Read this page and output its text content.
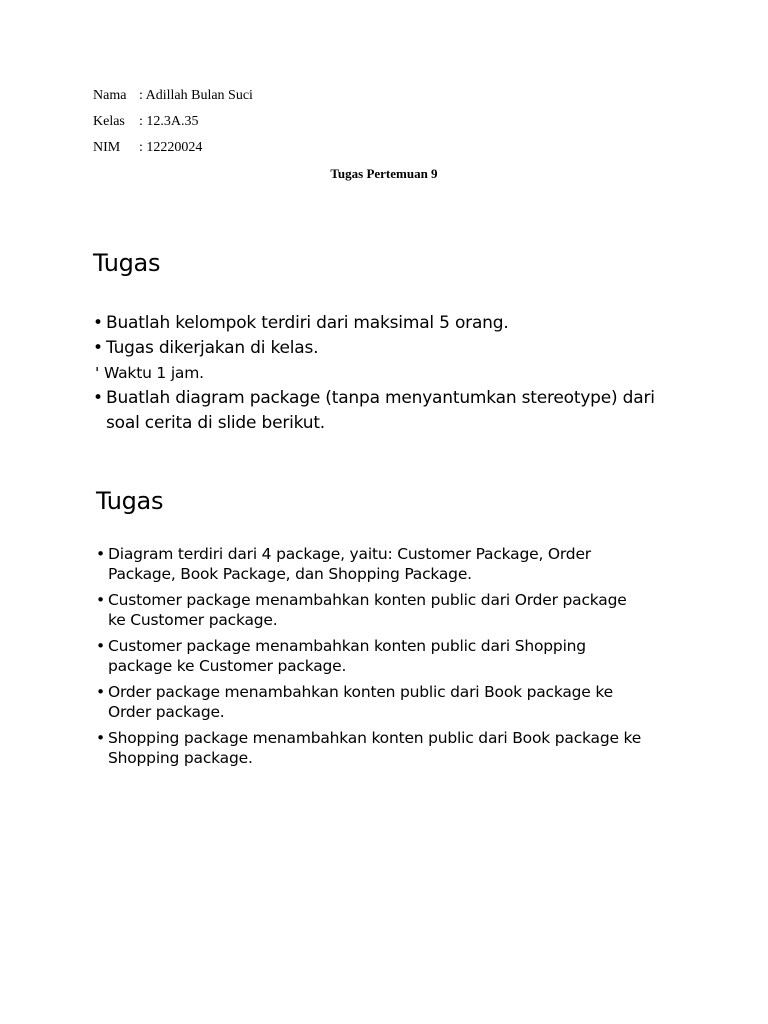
Nama : Adillah Bulan Suci
Kelas : 12.3A.35
NIM : 12220024
Tugas Pertemuan 9
Tugas
• Buatlah kelompok terdiri dari maksimal 5 orang.
• Tugas dikerjakan di kelas.
' Waktu 1 jam.
• Buatlah diagram package (tanpa menyantumkan stereotype) dari
soal cerita di slide berikut.
Tugas
• Diagram terdiri dari 4 package, yaitu: Customer Package, Order
Package, Book Package, dan Shopping Package.
• Customer package menambahkan konten public dari Order package
ke Customer package.
• Customer package menambahkan konten public dari Shopping
package ke Customer package.
• Order package menambahkan konten public dari Book package ke
Order package.
• Shopping package menambahkan konten public dari Book package ke
Shopping package.
